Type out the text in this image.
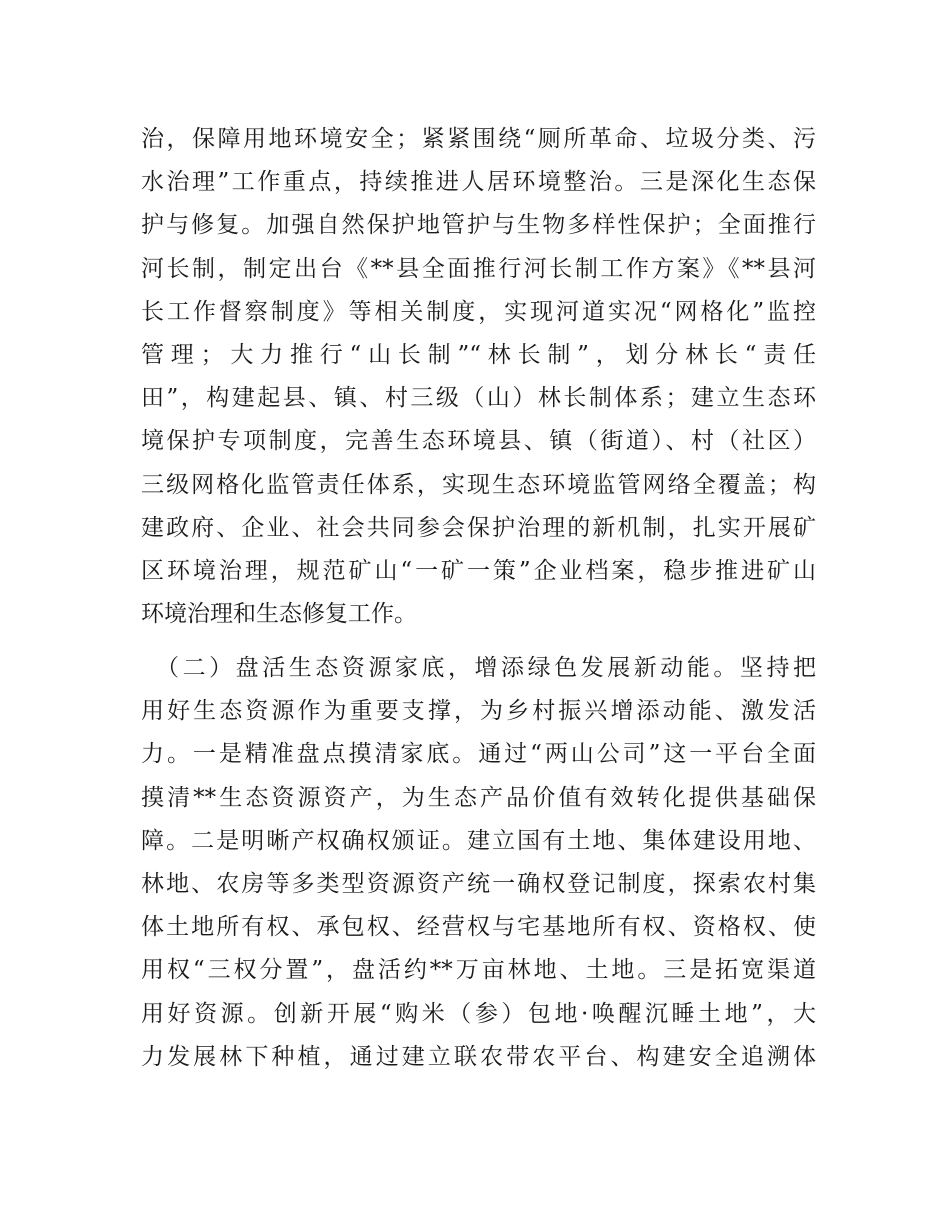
治，保障用地环境安全；紧紧围绕“厕所革命、垃圾分类、污
水治理”工作重点，持续推进人居环境整治。三是深化生态保
护与修复。加强自然保护地管护与生物多样性保护；全面推行
河长制，制定出台《**县全面推行河长制工作方案》《**县河
长工作督察制度》等相关制度，实现河道实况“网格化”监控
管理；大力推行“山长制”“林长制”，划分林长“责任
田”，构建起县、镇、村三级（山）林长制体系；建立生态环
境保护专项制度，完善生态环境县、镇（街道）、村（社区）
三级网格化监管责任体系，实现生态环境监管网络全覆盖；构
建政府、企业、社会共同参会保护治理的新机制，扎实开展矿
区环境治理，规范矿山“一矿一策”企业档案，稳步推进矿山
环境治理和生态修复工作。
　（二）盘活生态资源家底，增添绿色发展新动能。坚持把
用好生态资源作为重要支撑，为乡村振兴增添动能、激发活
力。一是精准盘点摸清家底。通过“两山公司”这一平台全面
摸清**生态资源资产，为生态产品价值有效转化提供基础保
障。二是明晰产权确权颁证。建立国有土地、集体建设用地、
林地、农房等多类型资源资产统一确权登记制度，探索农村集
体土地所有权、承包权、经营权与宅基地所有权、资格权、使
用权“三权分置”，盘活约**万亩林地、土地。三是拓宽渠道
用好资源。创新开展“购米（参）包地·唤醒沉睡土地”，大
力发展林下种植，通过建立联农带农平台、构建安全追溯体
